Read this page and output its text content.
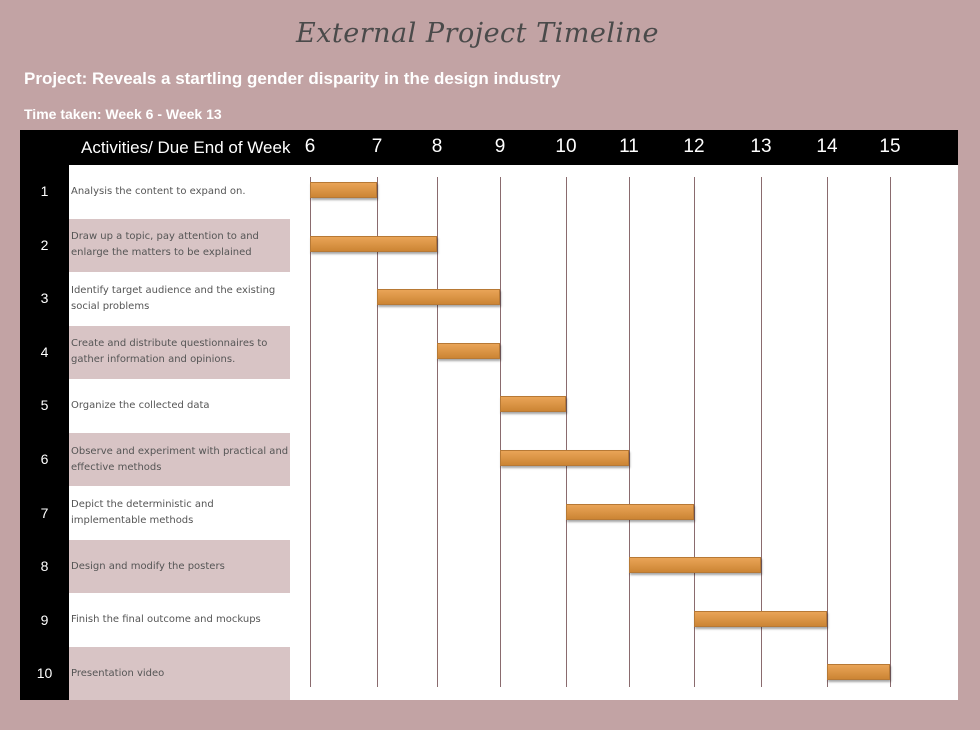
External Project Timeline
Project: Reveals a startling gender disparity in the design industry
Time taken: Week 6 - Week 13
Activities/ Due End of Week 6	7	8	9	10	11	12	13	14	15
1	Analysis the content to expand on.
2	Draw up a topic, pay attention to and enlarge the matters to be explained
3	Identify target audience and the existing social problems
4	Create and distribute questionnaires to gather information and opinions.
5	Organize the collected data
6	Observe and experiment with practical and effective methods
7	Depict the deterministic and implementable methods
8	Design and modify the posters
9	Finish the final outcome and mockups
10	Presentation video
